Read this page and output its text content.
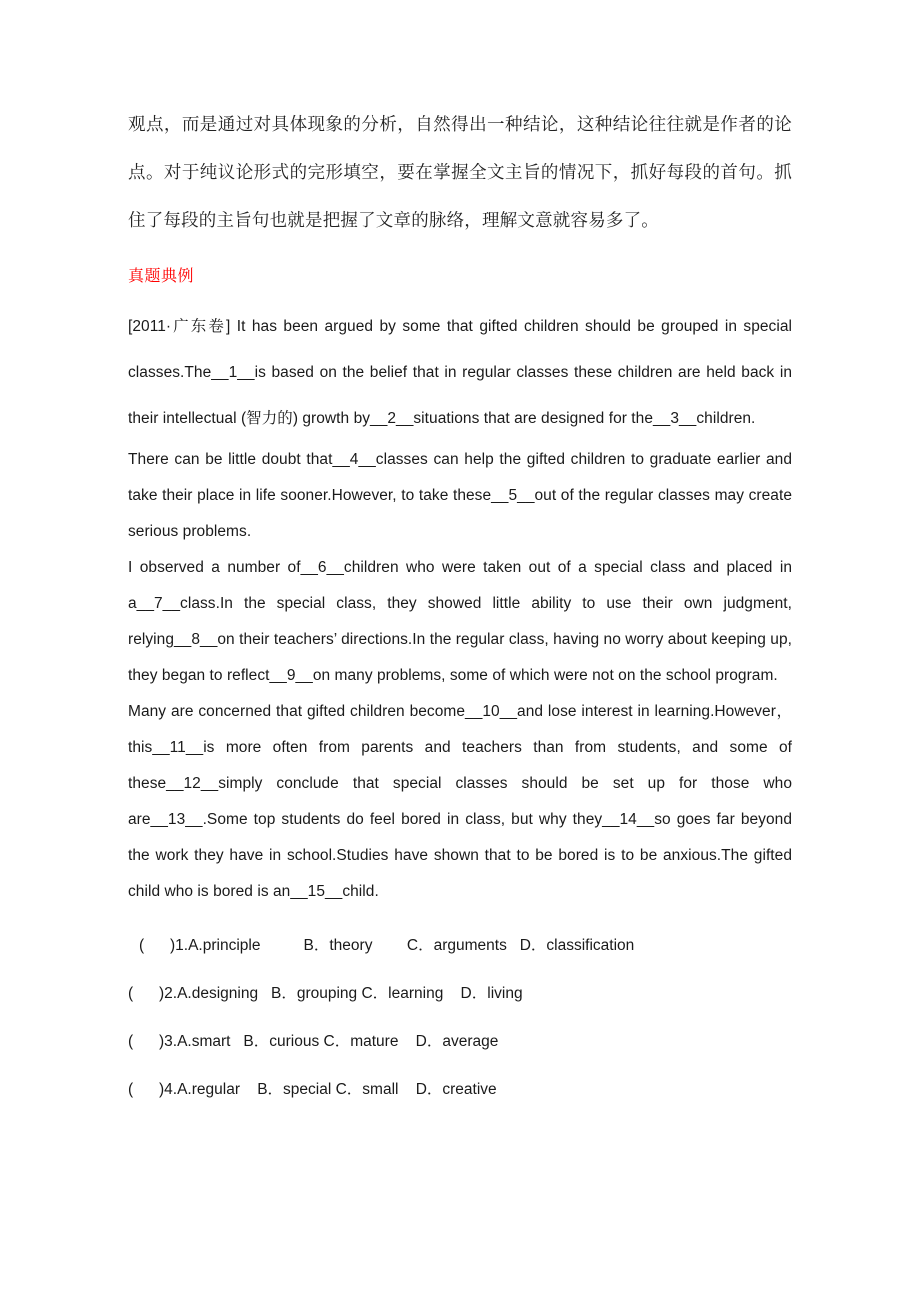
观点，而是通过对具体现象的分析，自然得出一种结论，这种结论往往就是作者的论点。对于纯议论形式的完形填空，要在掌握全文主旨的情况下，抓好每段的首句。抓住了每段的主旨句也就是把握了文章的脉络，理解文意就容易多了。

真题典例

[2011·广东卷] It has been argued by some that gifted children should be grouped in special classes.The__1__is based on the belief that in regular classes these children are held back in their intellectual (智力的) growth by__2__situations that are designed for the__3__children.

There can be little doubt that__4__classes can help the gifted children to graduate earlier and take their place in life sooner.However, to take these__5__out of the regular classes may create serious problems.

I observed a number of__6__children who were taken out of a special class and placed in a__7__class.In the special class, they showed little ability to use their own judgment, relying__8__on their teachers’ directions.In the regular class, having no worry about keeping up, they began to reflect__9__on many problems, some of which were not on the school program.

Many are concerned that gifted children become__10__and lose interest in learning.However， this__11__is more often from parents and teachers than from students, and some of these__12__simply conclude that special classes should be set up for those who are__13__.Some top students do feel bored in class, but why they__14__so goes far beyond the work they have in school.Studies have shown that to be bored is to be anxious.The gifted child who is bored is an__15__child.

(      )1.A.principle          B．theory        C．arguments   D．classification
(      )2.A.designing   B．grouping C．learning    D．living
(      )3.A.smart   B．curious C．mature    D．average
(      )4.A.regular    B．special C．small    D．creative
